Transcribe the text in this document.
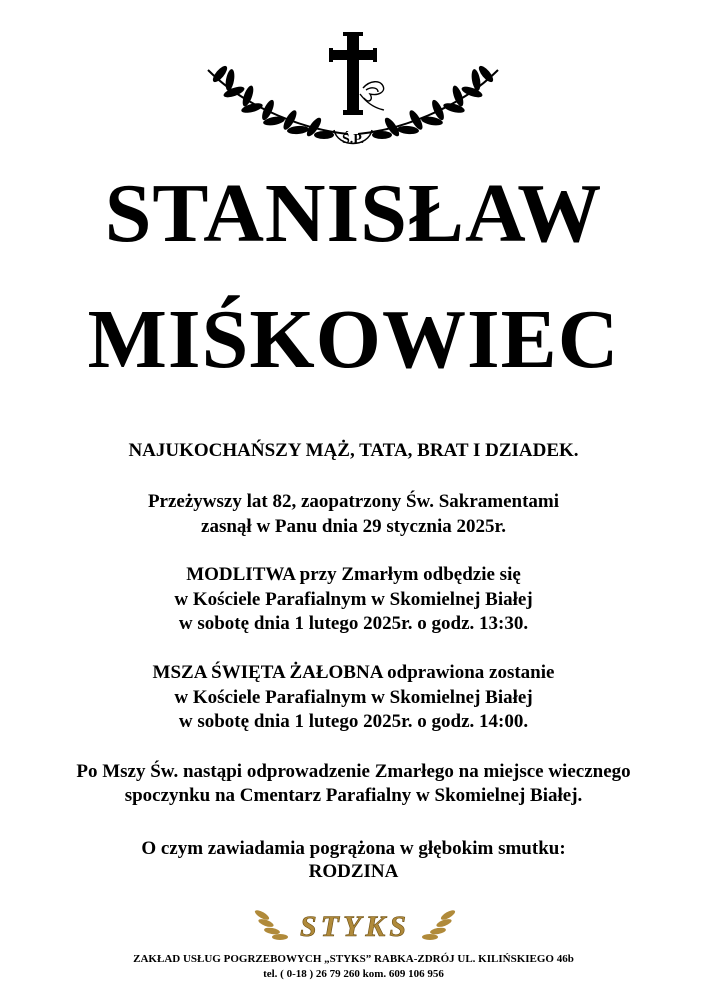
Ś.P.
STANISŁAW
MIŚKOWIEC
NAJUKOCHAŃSZY MĄŻ, TATA, BRAT I DZIADEK.
Przeżywszy lat 82, zaopatrzony Św. Sakramentami
zasnął w Panu dnia 29 stycznia 2025r.
MODLITWA przy Zmarłym odbędzie się
w Kościele Parafialnym w Skomielnej Białej
w sobotę dnia 1 lutego 2025r. o godz. 13:30.
MSZA ŚWIĘTA ŻAŁOBNA odprawiona zostanie
w Kościele Parafialnym w Skomielnej Białej
w sobotę dnia 1 lutego 2025r. o godz. 14:00.
Po Mszy Św. nastąpi odprowadzenie Zmarłego na miejsce wiecznego
spoczynku na Cmentarz Parafialny w Skomielnej Białej.
O czym zawiadamia pogrążona w głębokim smutku:
RODZINA
STYKS
ZAKŁAD USŁUG POGRZEBOWYCH „STYKS” RABKA-ZDRÓJ UL. KILIŃSKIEGO 46b
tel. ( 0-18 ) 26 79 260 kom. 609 106 956
